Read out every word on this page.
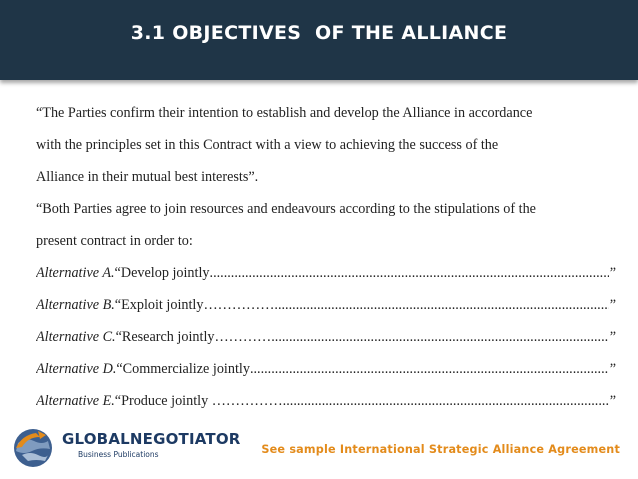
3.1 OBJECTIVES  OF THE ALLIANCE
“The Parties confirm their intention to establish and develop the Alliance in accordance
with the principles set in this Contract with a view to achieving the success of the
Alliance in their mutual best interests”.
“Both Parties agree to join resources and endeavours according to the stipulations of the
present contract in order to:
Alternative A. “Develop jointly .....	”
Alternative B. “Exploit jointly…………… .....	”
Alternative C. “Research jointly………… .....	”
Alternative D. “Commercialize jointly .....	”
Alternative E. “Produce jointly …………… .....	”
GLOBALNEGOTIATOR
Business Publications	See sample International Strategic Alliance Agreement
